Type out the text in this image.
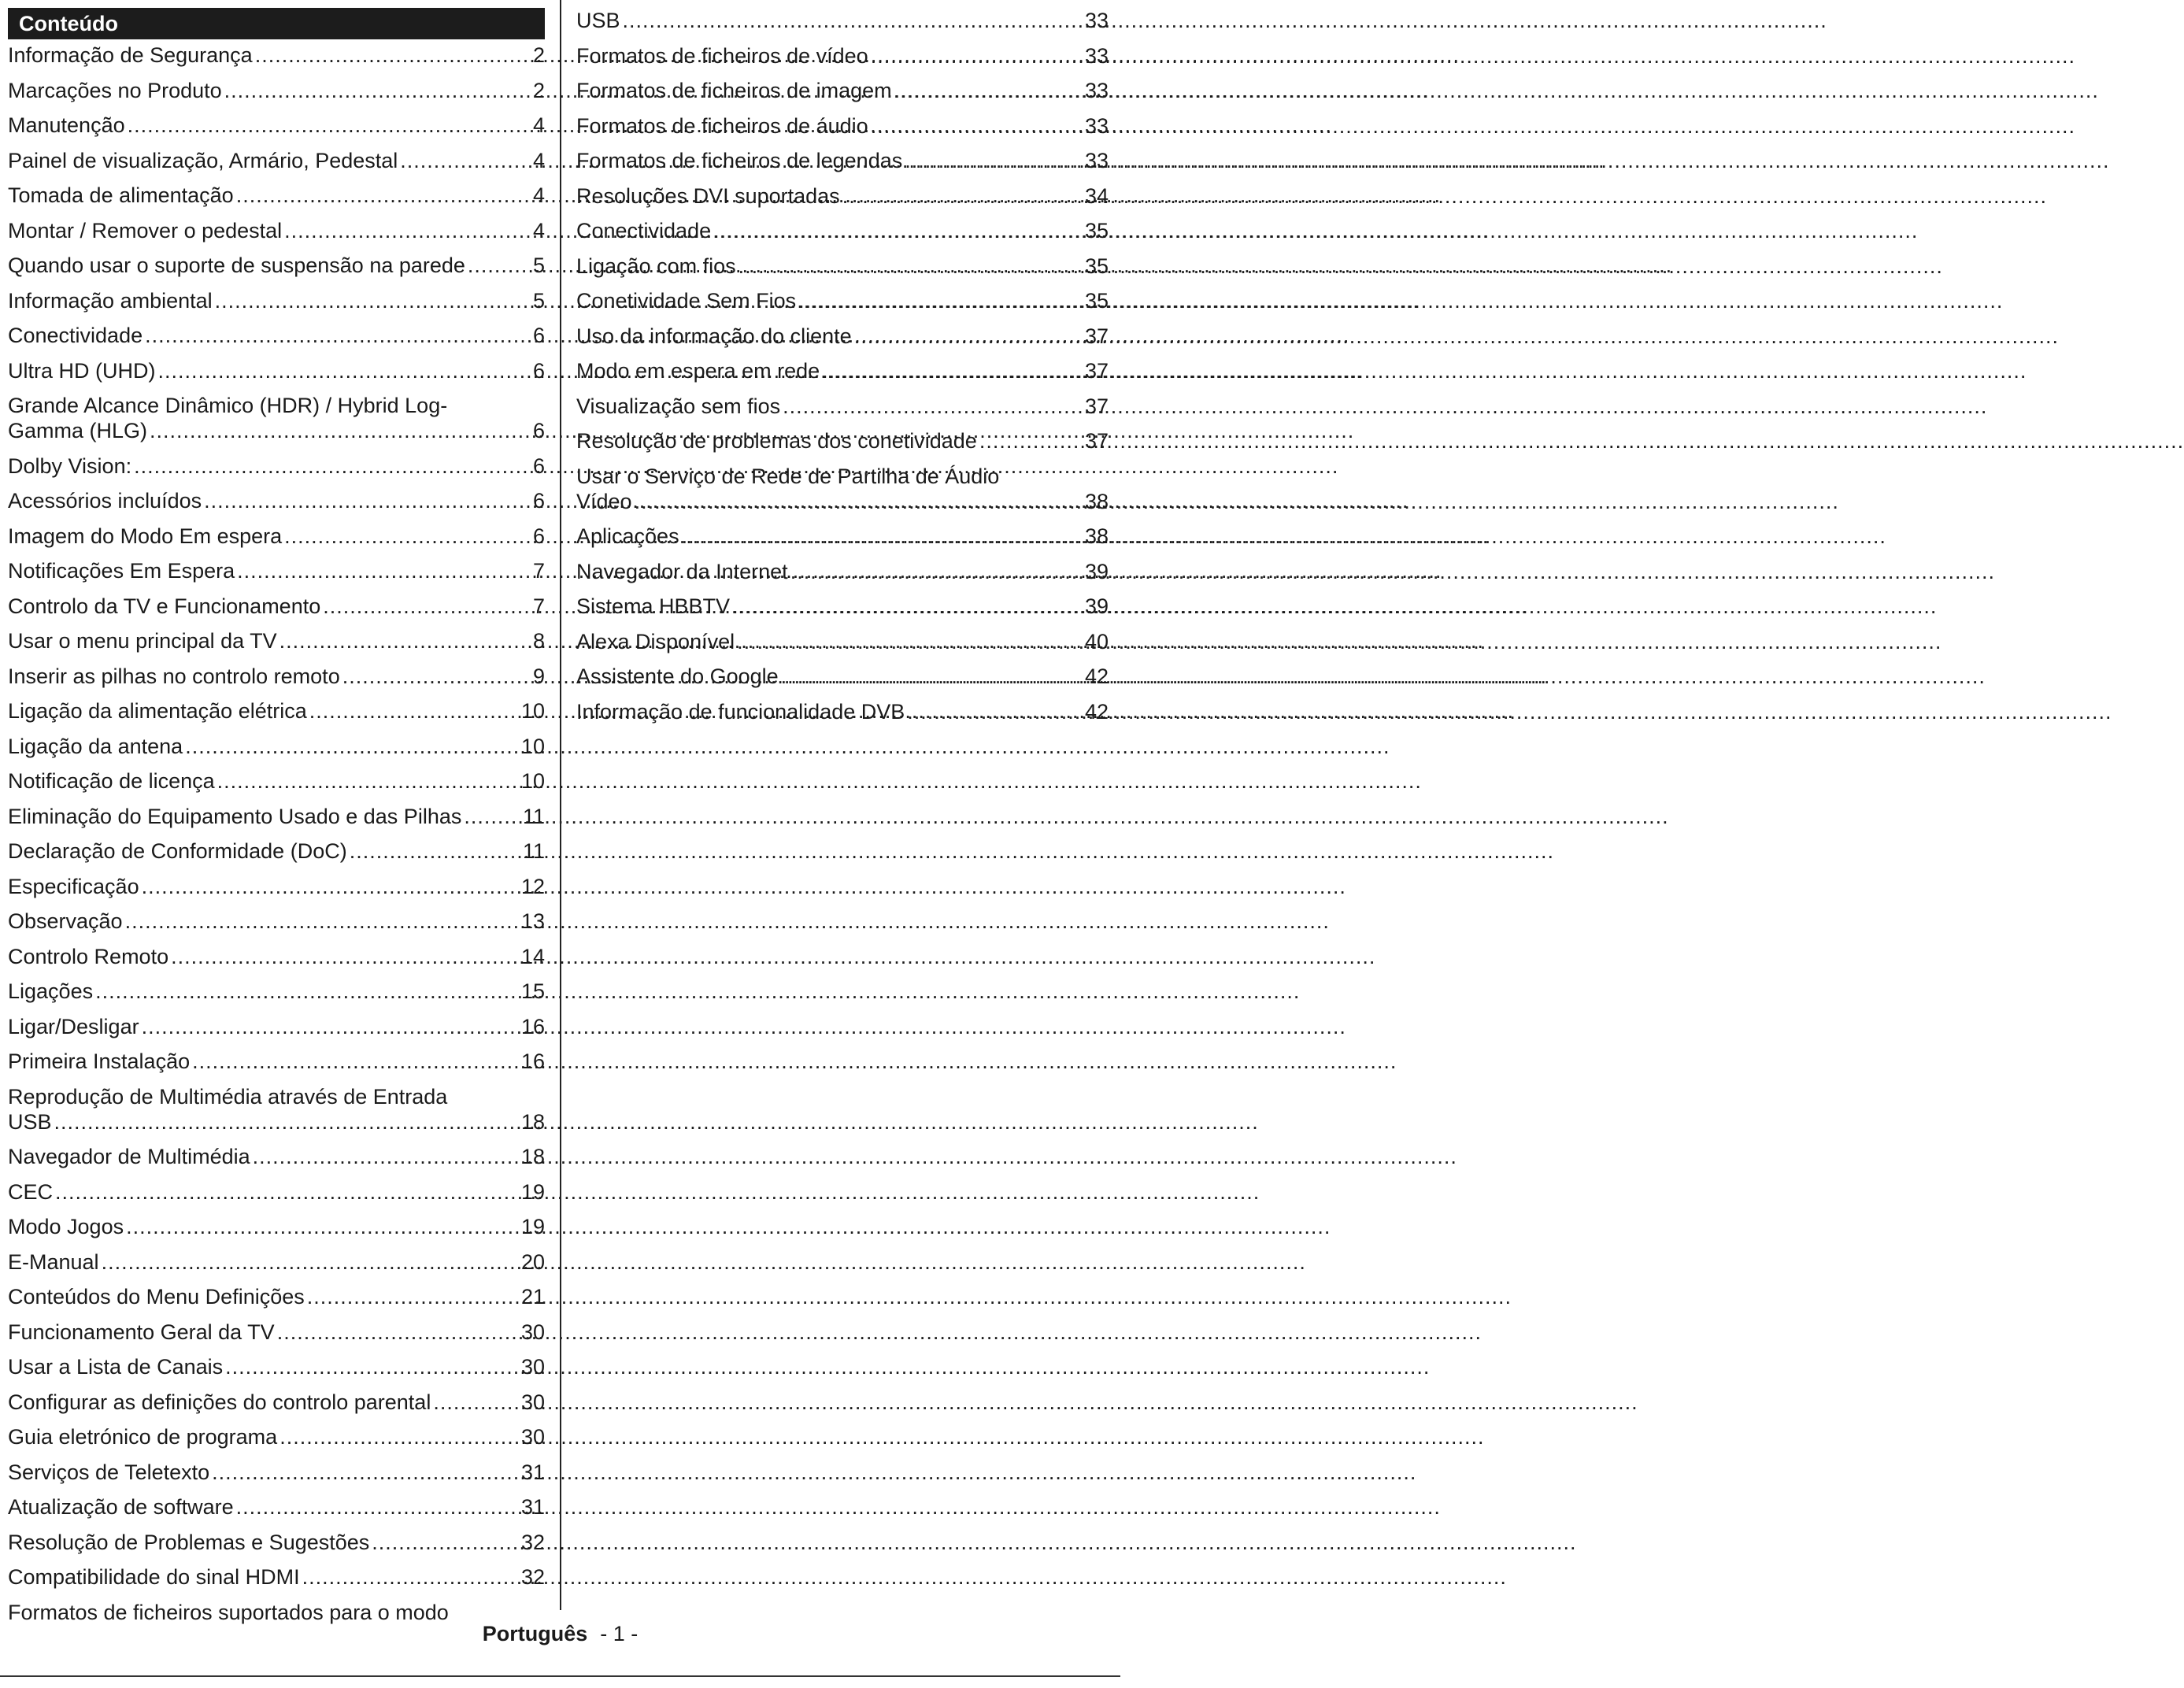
Conteúdo
Informação de Segurança .....	2
Marcações no Produto .....	2
Manutenção .....	4
Painel de visualização, Armário, Pedestal .....	4
Tomada de alimentação .....	4
Montar / Remover o pedestal .....	4
Quando usar o suporte de suspensão na parede .....	5
Informação ambiental .....	5
Conectividade .....	6
Ultra HD (UHD) .....	6
Grande Alcance Dinâmico (HDR) / Hybrid Log-
Gamma (HLG) .....	6
Dolby Vision: .....	6
Acessórios incluídos .....	6
Imagem do Modo Em espera .....	6
Notificações Em Espera .....	7
Controlo da TV e Funcionamento .....	7
Usar o menu principal da TV .....	8
Inserir as pilhas no controlo remoto .....	9
Ligação da alimentação elétrica .....	10
Ligação da antena .....	10
Notificação de licença .....	10
Eliminação do Equipamento Usado e das Pilhas .....	11
Declaração de Conformidade (DoC) .....	11
Especificação .....	12
Observação .....	13
Controlo Remoto .....	14
Ligações .....	15
Ligar/Desligar .....	16
Primeira Instalação .....	16
Reprodução de Multimédia através de Entrada
USB .....	18
Navegador de Multimédia .....	18
CEC .....	19
Modo Jogos .....	19
E-Manual .....	20
Conteúdos do Menu Definições .....	21
Funcionamento Geral da TV .....	30
Usar a Lista de Canais .....	30
Configurar as definições do controlo parental .....	30
Guia eletrónico de programa .....	30
Serviços de Teletexto .....	31
Atualização de software .....	31
Resolução de Problemas e Sugestões .....	32
Compatibilidade do sinal HDMI .....	32
Formatos de ficheiros suportados para o modo
USB .....	33
Formatos de ficheiros de vídeo .....	33
Formatos de ficheiros de imagem .....	33
Formatos de ficheiros de áudio .....	33
Formatos de ficheiros de legendas .....	33
Resoluções DVI suportadas .....	34
Conectividade .....	35
Ligação com fios .....	35
Conetividade Sem Fios .....	35
Uso da informação do cliente .....	37
Modo em espera em rede .....	37
Visualização sem fios .....	37
Resolução de problemas dos conetividade .....	37
Usar o Serviço de Rede de Partilha de Áudio
Vídeo .....	38
Aplicações .....	38
Navegador da Internet .....	39
Sistema HBBTV .....	39
Alexa Disponível .....	40
Assistente do Google .....	42
Informação de funcionalidade DVB .....	42
Português - 1 -
